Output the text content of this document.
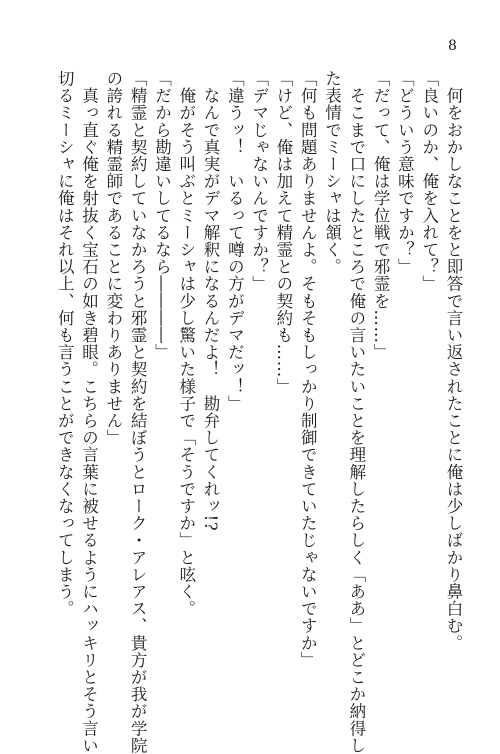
8
　何をおかしなことをと即答で言い返されたことに俺は少しばかり鼻白む。
「良いのか、俺を入れて？」
「どういう意味ですか？」
「だって、俺は学位戦で邪霊を……」
　そこまで口にしたところで俺の言いたいことを理解したらしく「ああ」とどこか納得し
た表情でミーシャは頷く。
「何も問題ありませんよ。そもそもしっかり制御できていたじゃないですか」
「けど、俺は加えて精霊との契約も……」
「デマじゃないんですか？」
「違うッ！　いるって噂の方がデマだッ！」
　なんで真実がデマ解釈になるんだよ！　勘弁してくれッ!?
　俺がそう叫ぶとミーシャは少し驚いた様子で「そうですか」と呟く。
「だから勘違いしてるなら――――」
「精霊と契約していなかろうと邪霊と契約を結ぼうとローク・アレアス、貴方が我が学院
の誇れる精霊師であることに変わりありません」
　真っ直ぐ俺を射抜く宝石の如き碧眼。こちらの言葉に被せるようにハッキリとそう言い
切るミーシャに俺はそれ以上、何も言うことができなくなってしまう。
